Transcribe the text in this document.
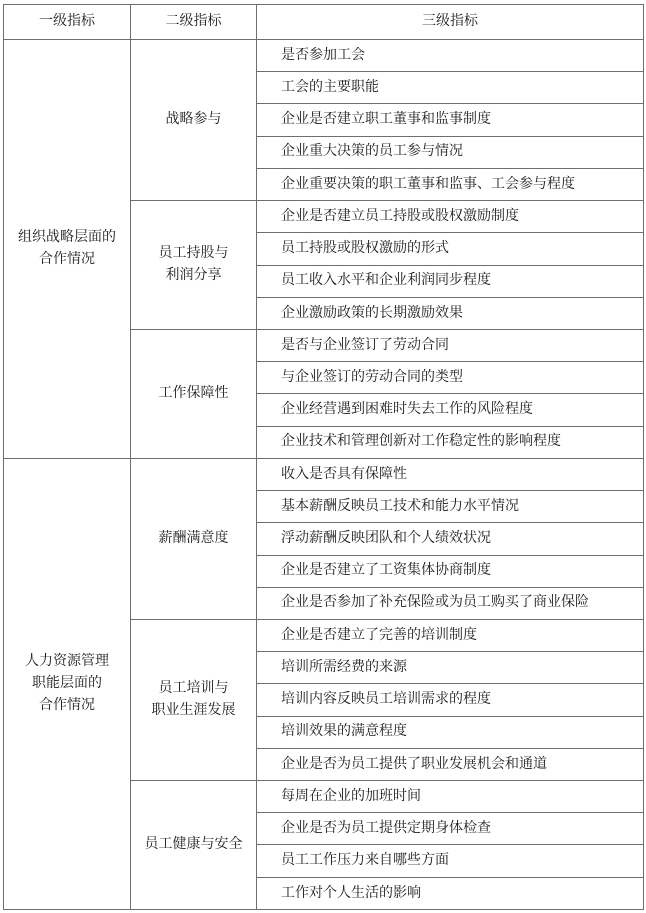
一级指标	二级指标	三级指标

组织战略层面的
合作情况	战略参与	是否参加工会
		工会的主要职能
		企业是否建立职工董事和监事制度
		企业重大决策的员工参与情况
		企业重要决策的职工董事和监事、工会参与程度

	员工持股与
利润分享	企业是否建立员工持股或股权激励制度
		员工持股或股权激励的形式
		员工收入水平和企业利润同步程度
		企业激励政策的长期激励效果

	工作保障性	是否与企业签订了劳动合同
		与企业签订的劳动合同的类型
		企业经营遇到困难时失去工作的风险程度
		企业技术和管理创新对工作稳定性的影响程度

人力资源管理
职能层面的
合作情况	薪酬满意度	收入是否具有保障性
		基本薪酬反映员工技术和能力水平情况
		浮动薪酬反映团队和个人绩效状况
		企业是否建立了工资集体协商制度
		企业是否参加了补充保险或为员工购买了商业保险

	员工培训与
职业生涯发展	企业是否建立了完善的培训制度
		培训所需经费的来源
		培训内容反映员工培训需求的程度
		培训效果的满意程度
		企业是否为员工提供了职业发展机会和通道

	员工健康与安全	每周在企业的加班时间
		企业是否为员工提供定期身体检查
		员工工作压力来自哪些方面
		工作对个人生活的影响
